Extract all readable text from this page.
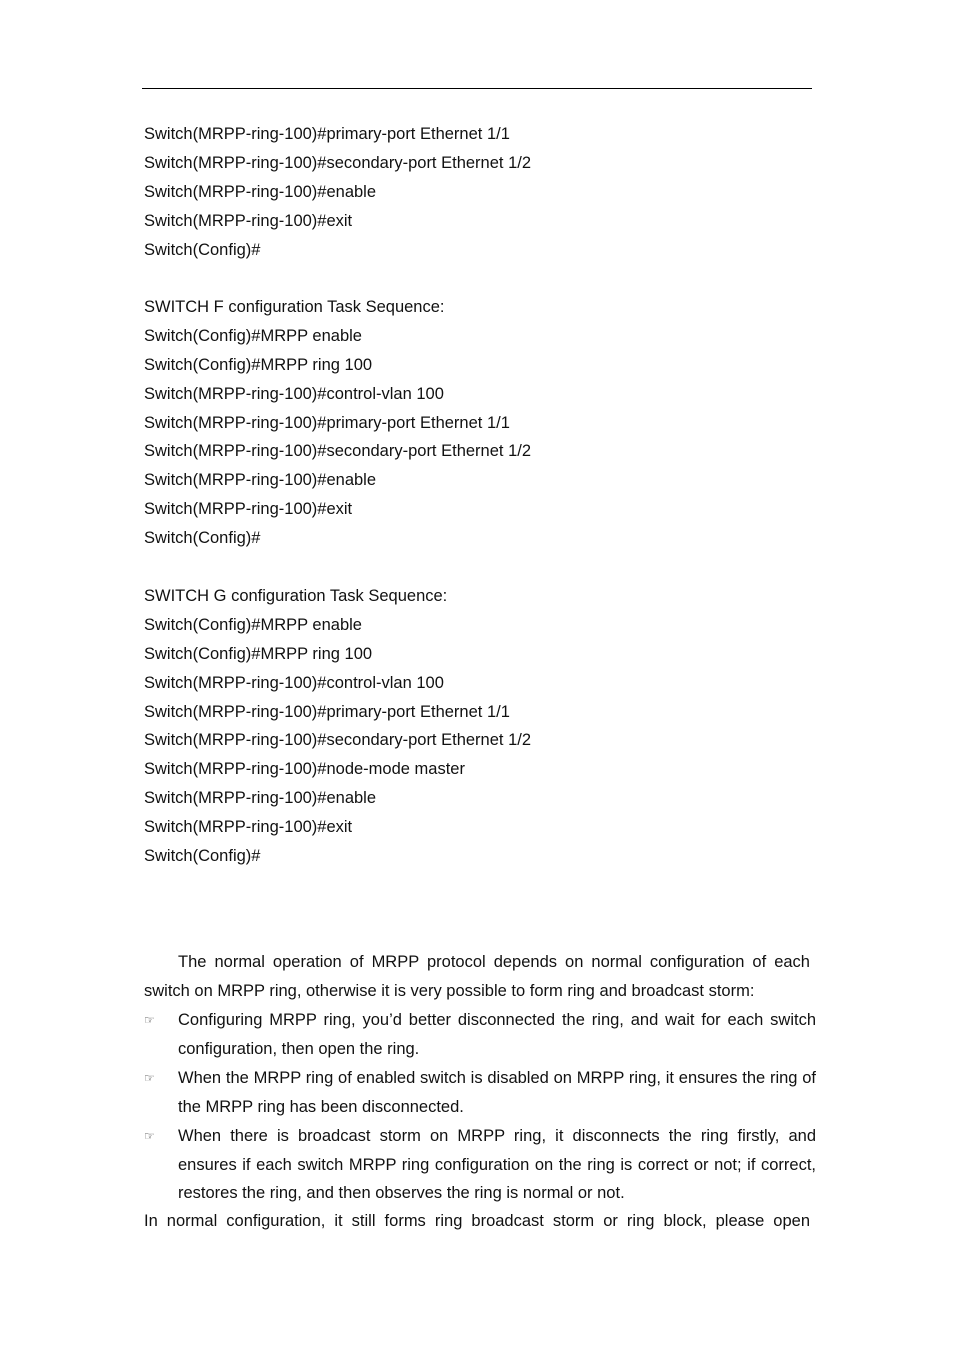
Switch(MRPP-ring-100)#primary-port Ethernet 1/1
Switch(MRPP-ring-100)#secondary-port Ethernet 1/2
Switch(MRPP-ring-100)#enable
Switch(MRPP-ring-100)#exit
Switch(Config)#
SWITCH F configuration Task Sequence:
Switch(Config)#MRPP enable
Switch(Config)#MRPP ring 100
Switch(MRPP-ring-100)#control-vlan 100
Switch(MRPP-ring-100)#primary-port Ethernet 1/1
Switch(MRPP-ring-100)#secondary-port Ethernet 1/2
Switch(MRPP-ring-100)#enable
Switch(MRPP-ring-100)#exit
Switch(Config)#
SWITCH G configuration Task Sequence:
Switch(Config)#MRPP enable
Switch(Config)#MRPP ring 100
Switch(MRPP-ring-100)#control-vlan 100
Switch(MRPP-ring-100)#primary-port Ethernet 1/1
Switch(MRPP-ring-100)#secondary-port Ethernet 1/2
Switch(MRPP-ring-100)#node-mode master
Switch(MRPP-ring-100)#enable
Switch(MRPP-ring-100)#exit
Switch(Config)#
The normal operation of MRPP protocol depends on normal configuration of each switch on MRPP ring, otherwise it is very possible to form ring and broadcast storm:
☞	Configuring MRPP ring, you’d better disconnected the ring, and wait for each switch configuration, then open the ring.
☞	When the MRPP ring of enabled switch is disabled on MRPP ring, it ensures the ring of the MRPP ring has been disconnected.
☞	When there is broadcast storm on MRPP ring, it disconnects the ring firstly, and ensures if each switch MRPP ring configuration on the ring is correct or not; if correct, restores the ring, and then observes the ring is normal or not.
In normal configuration, it still forms ring broadcast storm or ring block, please open
